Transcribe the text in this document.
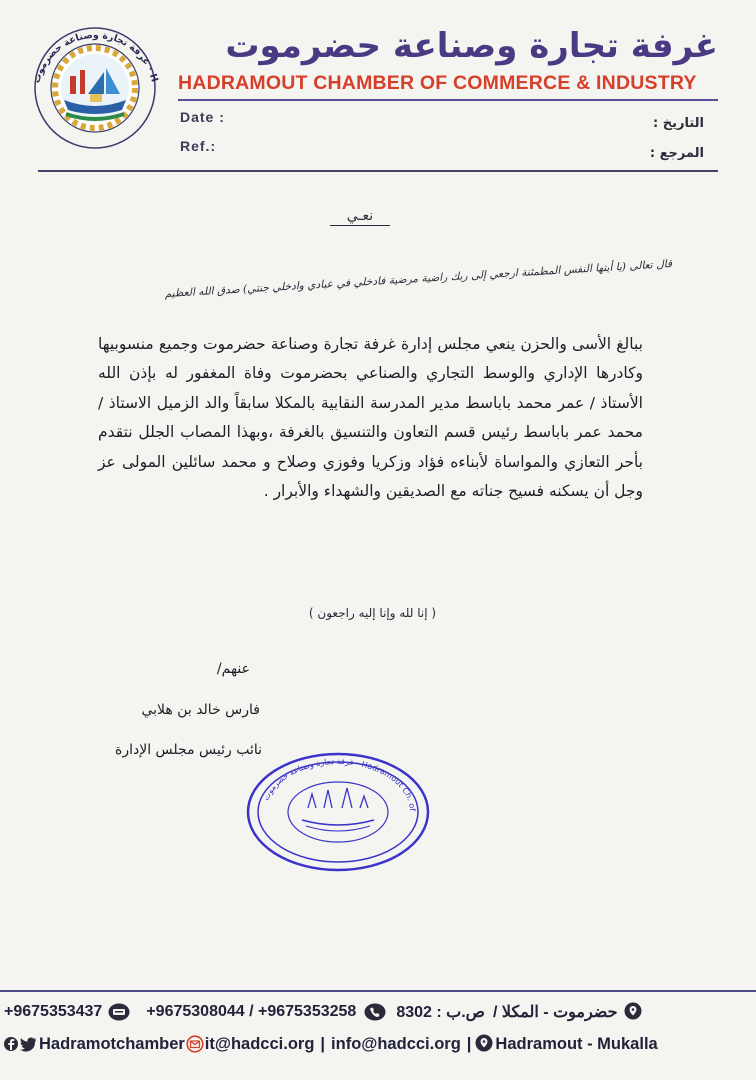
غرفة تجارة وصناعة حضرموت · H
غرفة تجارة وصناعة حضرموت
HADRAMOUT CHAMBER OF COMMERCE & INDUSTRY
Date :
Ref.:
التاريخ :
المرجع :
نعـي
قال تعالى (يا أيتها النفس المطمئنة ارجعي إلى ربك راضية مرضية فادخلي في عبادي وادخلي جنتي) صدق الله العظيم
ببالغ الأسى والحزن ينعي مجلس إدارة غرفة تجارة وصناعة حضرموت وجميع منسوبيها وكادرها الإداري والوسط التجاري والصناعي بحضرموت وفاة المغفور له بإذن الله الأستاذ / عمر محمد باباسط مدير المدرسة النقابية بالمكلا سابقاً والد الزميل الاستاذ / محمد عمر باباسط رئيس قسم التعاون والتنسيق بالغرفة ،وبهذا المصاب الجلل نتقدم بأحر التعازي والمواساة لأبناءه فؤاد وزكريا وفوزي وصلاح و محمد سائلين المولى عز وجل أن يسكنه فسيح جناته مع الصديقين والشهداء والأبرار .
( إنا لله وإنا إليه راجعون )
عنهم/
فارس خالد بن هلابي
نائب رئيس مجلس الإدارة
غرفة تجارة وصناعة حضرموت · Hadramout Ch. of
+9675353437	+9675308044 / +9675353258	ص.ب : 8302 حضرموت - المكلا /
Hadramotchamber it@hadcci.org | info@hadcci.org | Hadramout - Mukalla
